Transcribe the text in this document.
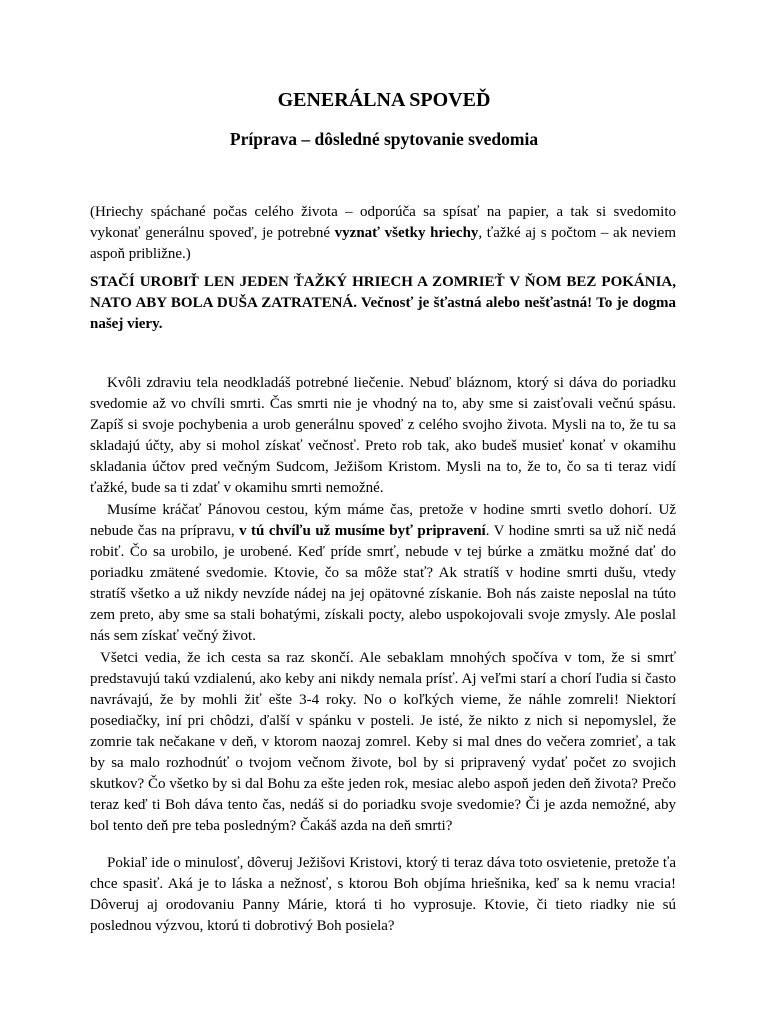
GENERÁLNA SPOVEĎ
Príprava – dôsledné spytovanie svedomia
(Hriechy spáchané počas celého života – odporúča sa spísať na papier, a tak si svedomito vykonať generálnu spoveď, je potrebné vyznať všetky hriechy, ťažké aj s počtom – ak neviem aspoň približne.)
STAČÍ UROBIŤ LEN JEDEN ŤAŽKÝ HRIECH A ZOMRIEŤ V ŇOM BEZ POKÁNIA, NATO ABY BOLA DUŠA ZATRATENÁ. Večnosť je šťastná alebo nešťastná! To je dogma našej viery.
Kvôli zdraviu tela neodkladáš potrebné liečenie. Nebuď bláznom, ktorý si dáva do poriadku svedomie až vo chvíli smrti. Čas smrti nie je vhodný na to, aby sme si zaisťovali večnú spásu. Zapíš si svoje pochybenia a urob generálnu spoveď z celého svojho života. Mysli na to, že tu sa skladajú účty, aby si mohol získať večnosť. Preto rob tak, ako budeš musieť konať v okamihu skladania účtov pred večným Sudcom, Ježišom Kristom. Mysli na to, že to, čo sa ti teraz vidí ťažké, bude sa ti zdať v okamihu smrti nemožné.
Musíme kráčať Pánovou cestou, kým máme čas, pretože v hodine smrti svetlo dohorí. Už nebude čas na prípravu, v tú chvíľu už musíme byť pripravení. V hodine smrti sa už nič nedá robiť. Čo sa urobilo, je urobené. Keď príde smrť, nebude v tej búrke a zmätku možné dať do poriadku zmätené svedomie. Ktovie, čo sa môže stať? Ak stratíš v hodine smrti dušu, vtedy stratíš všetko a už nikdy nevzíde nádej na jej opätovné získanie. Boh nás zaiste neposlal na túto zem preto, aby sme sa stali bohatými, získali pocty, alebo uspokojovali svoje zmysly. Ale poslal nás sem získať večný život.
Všetci vedia, že ich cesta sa raz skončí. Ale sebaklam mnohých spočíva v tom, že si smrť predstavujú takú vzdialenú, ako keby ani nikdy nemala prísť. Aj veľmi starí a chorí ľudia si často navrávajú, že by mohli žiť ešte 3-4 roky. No o koľkých vieme, že náhle zomreli! Niektorí posediačky, iní pri chôdzi, ďalší v spánku v posteli. Je isté, že nikto z nich si nepomyslel, že zomrie tak nečakane v deň, v ktorom naozaj zomrel. Keby si mal dnes do večera zomrieť, a tak by sa malo rozhodnúť o tvojom večnom živote, bol by si pripravený vydať počet zo svojich skutkov? Čo všetko by si dal Bohu za ešte jeden rok, mesiac alebo aspoň jeden deň života? Prečo teraz keď ti Boh dáva tento čas, nedáš si do poriadku svoje svedomie? Či je azda nemožné, aby bol tento deň pre teba posledným? Čakáš azda na deň smrti?
Pokiaľ ide o minulosť, dôveruj Ježišovi Kristovi, ktorý ti teraz dáva toto osvietenie, pretože ťa chce spasiť. Aká je to láska a nežnosť, s ktorou Boh objíma hriešnika, keď sa k nemu vracia! Dôveruj aj orodovaniu Panny Márie, ktorá ti ho vyprosuje. Ktovie, či tieto riadky nie sú poslednou výzvou, ktorú ti dobrotivý Boh posiela?
